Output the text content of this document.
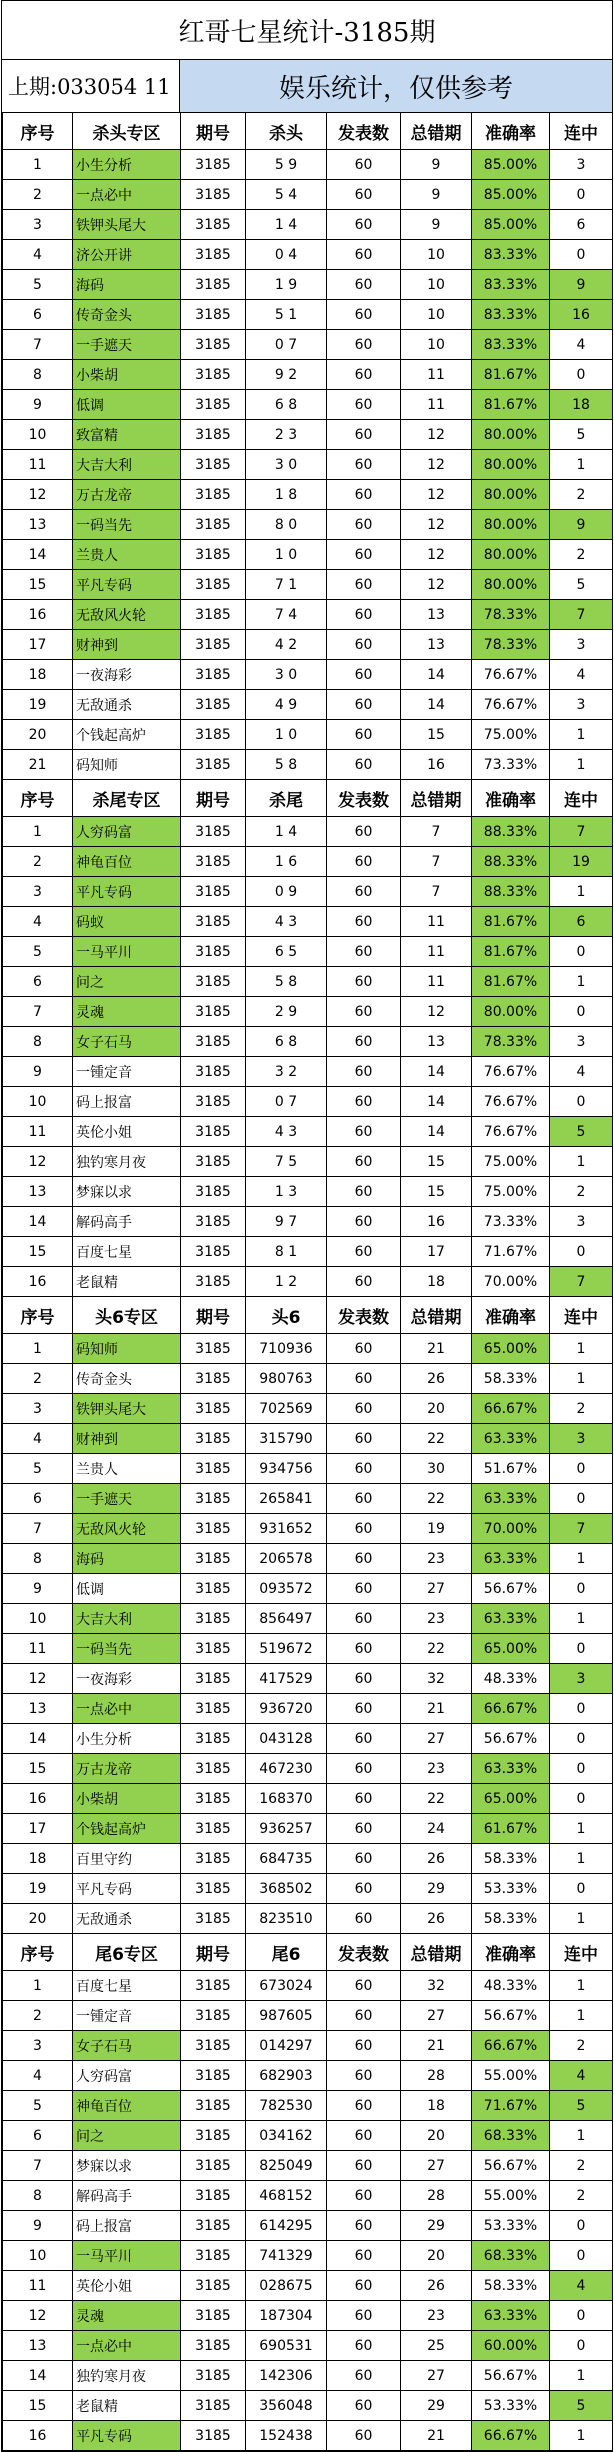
红哥七星统计-3185期
上期:033054 11	娱乐统计，仅供参考
序号	杀头专区	期号	杀头	发表数	总错期	准确率	连中
1	小生分析	3185	5 9	60	9	85.00%	3
2	一点必中	3185	5 4	60	9	85.00%	0
3	铁钾头尾大	3185	1 4	60	9	85.00%	6
4	济公开讲	3185	0 4	60	10	83.33%	0
5	海码	3185	1 9	60	10	83.33%	9
6	传奇金头	3185	5 1	60	10	83.33%	16
7	一手遮天	3185	0 7	60	10	83.33%	4
8	小柴胡	3185	9 2	60	11	81.67%	0
9	低调	3185	6 8	60	11	81.67%	18
10	致富精	3185	2 3	60	12	80.00%	5
11	大吉大利	3185	3 0	60	12	80.00%	1
12	万古龙帝	3185	1 8	60	12	80.00%	2
13	一码当先	3185	8 0	60	12	80.00%	9
14	兰贵人	3185	1 0	60	12	80.00%	2
15	平凡专码	3185	7 1	60	12	80.00%	5
16	无敌风火轮	3185	7 4	60	13	78.33%	7
17	财神到	3185	4 2	60	13	78.33%	3
18	一夜海彩	3185	3 0	60	14	76.67%	4
19	无敌通杀	3185	4 9	60	14	76.67%	3
20	个钱起高炉	3185	1 0	60	15	75.00%	1
21	码知师	3185	5 8	60	16	73.33%	1
序号	杀尾专区	期号	杀尾	发表数	总错期	准确率	连中
1	人穷码富	3185	1 4	60	7	88.33%	7
2	神龟百位	3185	1 6	60	7	88.33%	19
3	平凡专码	3185	0 9	60	7	88.33%	1
4	码蚁	3185	4 3	60	11	81.67%	6
5	一马平川	3185	6 5	60	11	81.67%	0
6	问之	3185	5 8	60	11	81.67%	1
7	灵魂	3185	2 9	60	12	80.00%	0
8	女子石马	3185	6 8	60	13	78.33%	3
9	一锺定音	3185	3 2	60	14	76.67%	4
10	码上报富	3185	0 7	60	14	76.67%	0
11	英伦小姐	3185	4 3	60	14	76.67%	5
12	独钓寒月夜	3185	7 5	60	15	75.00%	1
13	梦寐以求	3185	1 3	60	15	75.00%	2
14	解码高手	3185	9 7	60	16	73.33%	3
15	百度七星	3185	8 1	60	17	71.67%	0
16	老鼠精	3185	1 2	60	18	70.00%	7
序号	头6专区	期号	头6	发表数	总错期	准确率	连中
1	码知师	3185	710936	60	21	65.00%	1
2	传奇金头	3185	980763	60	26	58.33%	1
3	铁钾头尾大	3185	702569	60	20	66.67%	2
4	财神到	3185	315790	60	22	63.33%	3
5	兰贵人	3185	934756	60	30	51.67%	0
6	一手遮天	3185	265841	60	22	63.33%	0
7	无敌风火轮	3185	931652	60	19	70.00%	7
8	海码	3185	206578	60	23	63.33%	1
9	低调	3185	093572	60	27	56.67%	0
10	大吉大利	3185	856497	60	23	63.33%	1
11	一码当先	3185	519672	60	22	65.00%	0
12	一夜海彩	3185	417529	60	32	48.33%	3
13	一点必中	3185	936720	60	21	66.67%	0
14	小生分析	3185	043128	60	27	56.67%	0
15	万古龙帝	3185	467230	60	23	63.33%	0
16	小柴胡	3185	168370	60	22	65.00%	0
17	个钱起高炉	3185	936257	60	24	61.67%	1
18	百里守约	3185	684735	60	26	58.33%	1
19	平凡专码	3185	368502	60	29	53.33%	0
20	无敌通杀	3185	823510	60	26	58.33%	1
序号	尾6专区	期号	尾6	发表数	总错期	准确率	连中
1	百度七星	3185	673024	60	32	48.33%	1
2	一锺定音	3185	987605	60	27	56.67%	1
3	女子石马	3185	014297	60	21	66.67%	2
4	人穷码富	3185	682903	60	28	55.00%	4
5	神龟百位	3185	782530	60	18	71.67%	5
6	问之	3185	034162	60	20	68.33%	1
7	梦寐以求	3185	825049	60	27	56.67%	2
8	解码高手	3185	468152	60	28	55.00%	2
9	码上报富	3185	614295	60	29	53.33%	0
10	一马平川	3185	741329	60	20	68.33%	0
11	英伦小姐	3185	028675	60	26	58.33%	4
12	灵魂	3185	187304	60	23	63.33%	0
13	一点必中	3185	690531	60	25	60.00%	0
14	独钓寒月夜	3185	142306	60	27	56.67%	1
15	老鼠精	3185	356048	60	29	53.33%	5
16	平凡专码	3185	152438	60	21	66.67%	1
